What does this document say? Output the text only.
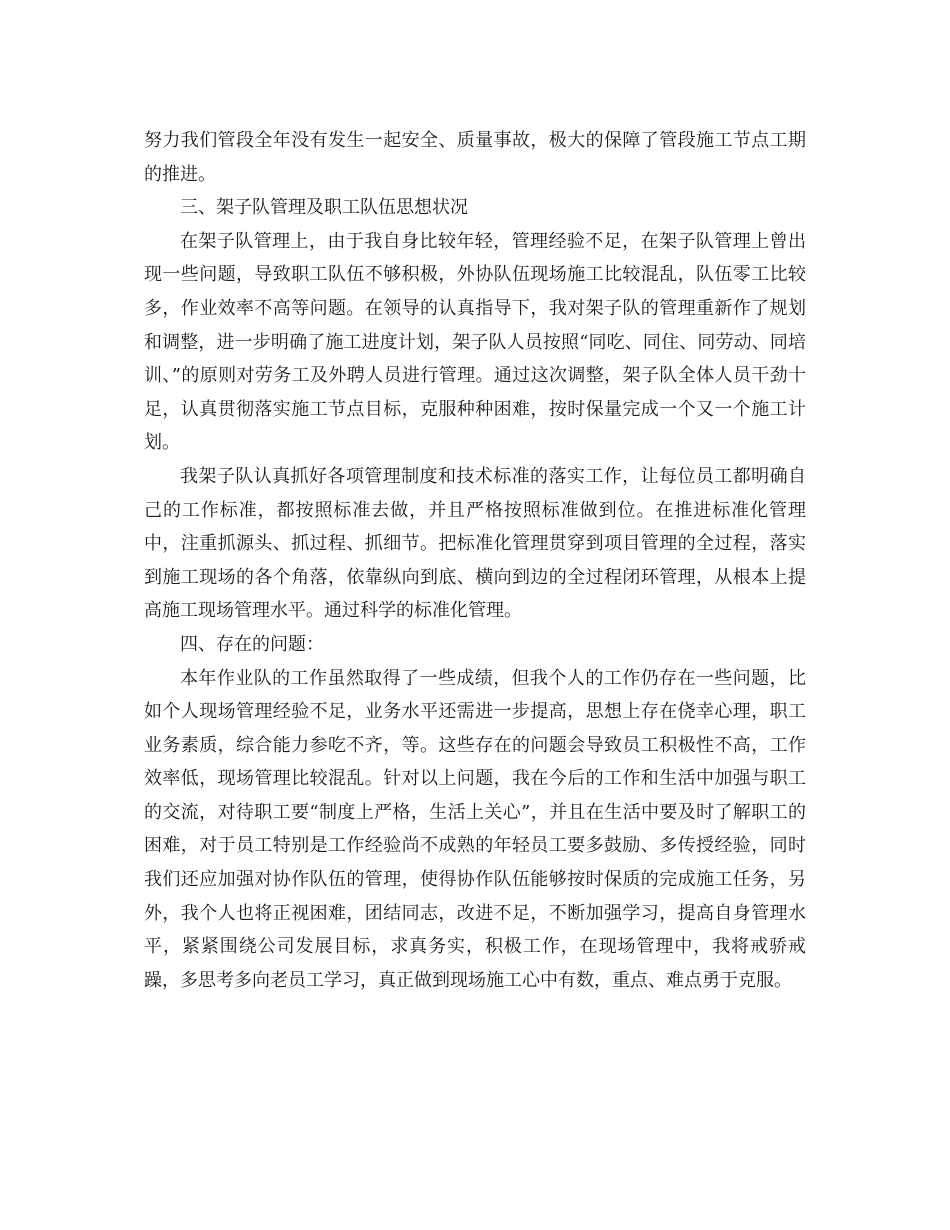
努力我们管段全年没有发生一起安全、质量事故，极大的保障了管段施工节点工期的推进。

三、架子队管理及职工队伍思想状况

在架子队管理上，由于我自身比较年轻，管理经验不足，在架子队管理上曾出现一些问题，导致职工队伍不够积极，外协队伍现场施工比较混乱，队伍零工比较多，作业效率不高等问题。在领导的认真指导下，我对架子队的管理重新作了规划和调整，进一步明确了施工进度计划，架子队人员按照“同吃、同住、同劳动、同培训、”的原则对劳务工及外聘人员进行管理。通过这次调整，架子队全体人员干劲十足，认真贯彻落实施工节点目标，克服种种困难，按时保量完成一个又一个施工计划。

我架子队认真抓好各项管理制度和技术标准的落实工作，让每位员工都明确自己的工作标准，都按照标准去做，并且严格按照标准做到位。在推进标准化管理中，注重抓源头、抓过程、抓细节。把标准化管理贯穿到项目管理的全过程，落实到施工现场的各个角落，依靠纵向到底、横向到边的全过程闭环管理，从根本上提高施工现场管理水平。通过科学的标准化管理。

四、存在的问题：

本年作业队的工作虽然取得了一些成绩，但我个人的工作仍存在一些问题，比如个人现场管理经验不足，业务水平还需进一步提高，思想上存在侥幸心理，职工业务素质，综合能力参吃不齐，等。这些存在的问题会导致员工积极性不高，工作效率低，现场管理比较混乱。针对以上问题，我在今后的工作和生活中加强与职工的交流，对待职工要“制度上严格，生活上关心”，并且在生活中要及时了解职工的困难，对于员工特别是工作经验尚不成熟的年轻员工要多鼓励、多传授经验，同时我们还应加强对协作队伍的管理，使得协作队伍能够按时保质的完成施工任务，另外，我个人也将正视困难，团结同志，改进不足，不断加强学习，提高自身管理水平，紧紧围绕公司发展目标，求真务实，积极工作，在现场管理中，我将戒骄戒躁，多思考多向老员工学习，真正做到现场施工心中有数，重点、难点勇于克服。
